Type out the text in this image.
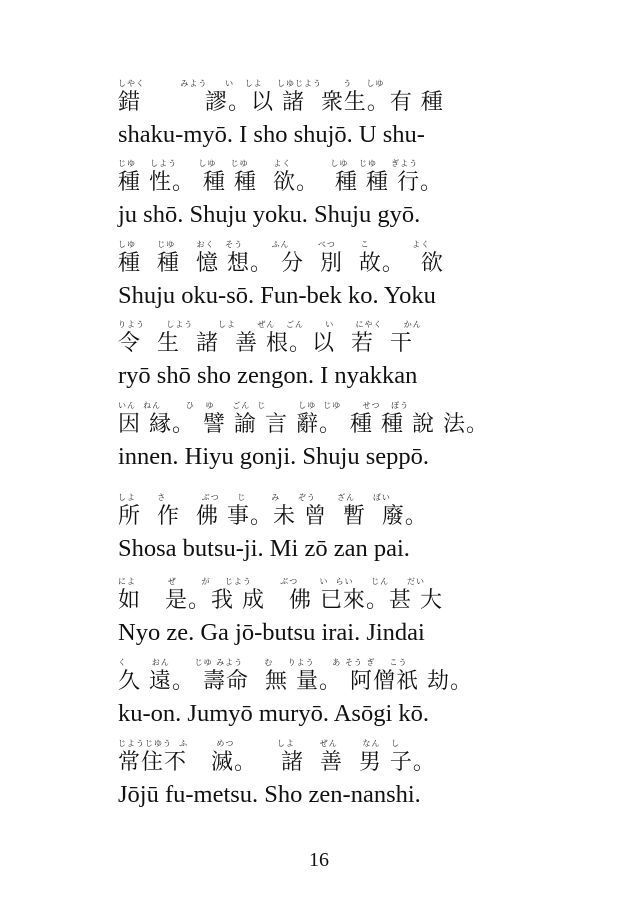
しやく          みよう     い   しよ    しゆじよう      う    しゆ
錯        謬。以 諸  衆生。有 種
shaku-myō. I sho shujō. U shu-
じゆ    しよう      しゆ    じゆ       よく           しゆ   じゆ    ぎよう
種 性。 種 種  欲。  種 種 行。
ju shō. Shuju yoku. Shuju gyō.
しゆ      じゆ      おく   そう        ふん        べつ       こ            よく
種  種  憶 想。 分  別  故。  欲
Shuju oku-sō. Fun-bek ko. Yoku
りよう      しよう       しよ      ぜん   ごん      い      にやく      かん
令  生  諸  善 根。以  若  干
ryō shō sho zengon. I nyakkan
いん  ねん       ひ   ゆ     ごん  じ         しゆ  じゆ      せつ   ぽう
因 縁。 譬 諭 言 辭。 種 種 說 法。
innen. Hiyu gonji. Shuju seppō.
しよ      さ          ぶつ     じ       み     ぞう      ざん     ばい
所  作  佛 事。未 曾  暫  廢。
Shosa butsu-ji. Mi zō zan pai.
によ         ぜ       が    じよう        ぶつ      い  らい     じん     だい
如   是。我 成   佛 已來。甚 大
Nyo ze. Ga jō-butsu irai. Jindai
く       おん       じゆ みよう      む    りよう     あ そう ぎ    こう
久 遠。 壽命  無 量。 阿僧祇 劫。
ku-on. Jumyō muryō. Asōgi kō.
じようじゆう  ふ        めつ            しよ       ぜん       なん   し
常住不   滅。   諸  善  男 子。
Jōjū fu-metsu. Sho zen-nanshi.
16
